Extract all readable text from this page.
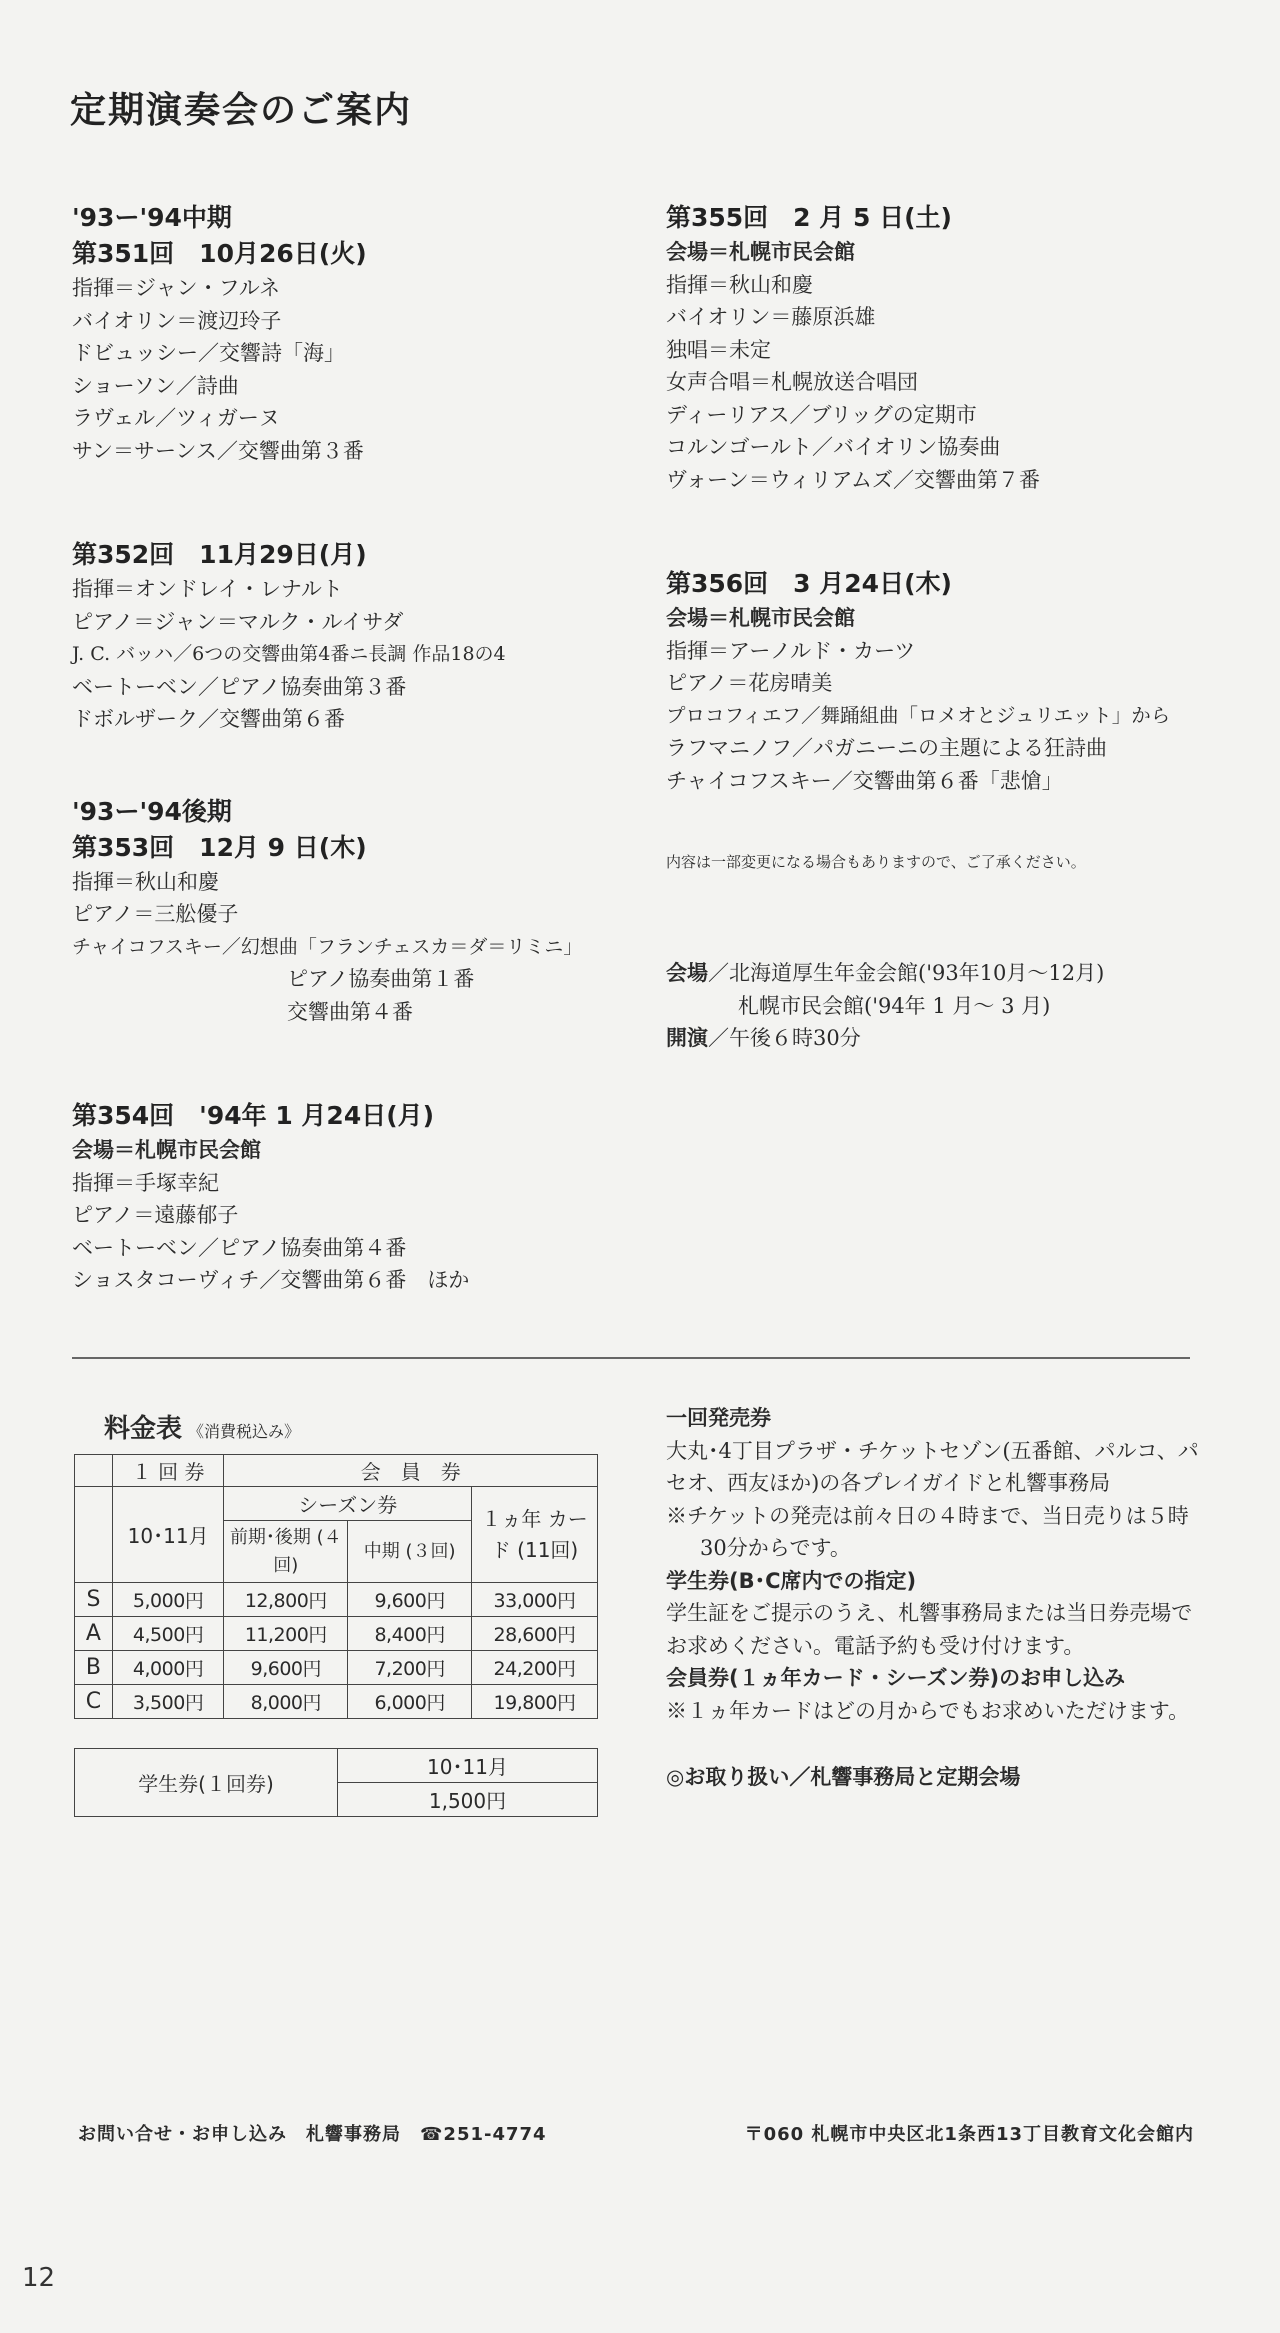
定期演奏会のご案内
'93ー'94中期
第351回　10月26日(火)
指揮＝ジャン・フルネ
バイオリン＝渡辺玲子
ドビュッシー／交響詩「海」
ショーソン／詩曲
ラヴェル／ツィガーヌ
サン＝サーンス／交響曲第３番
第352回　11月29日(月)
指揮＝オンドレイ・レナルト
ピアノ＝ジャン＝マルク・ルイサダ
J. C. バッハ／6つの交響曲第4番ニ長調 作品18の4
ベートーベン／ピアノ協奏曲第３番
ドボルザーク／交響曲第６番
'93ー'94後期
第353回　12月 9 日(木)
指揮＝秋山和慶
ピアノ＝三舩優子
チャイコフスキー／幻想曲「フランチェスカ＝ダ＝リミニ」
ピアノ協奏曲第１番
交響曲第４番
第354回　'94年 1 月24日(月)
会場＝札幌市民会館
指揮＝手塚幸紀
ピアノ＝遠藤郁子
ベートーベン／ピアノ協奏曲第４番
ショスタコーヴィチ／交響曲第６番　ほか
第355回　2 月 5 日(土)
会場＝札幌市民会館
指揮＝秋山和慶
バイオリン＝藤原浜雄
独唱＝未定
女声合唱＝札幌放送合唱団
ディーリアス／ブリッグの定期市
コルンゴールト／バイオリン協奏曲
ヴォーン＝ウィリアムズ／交響曲第７番
第356回　3 月24日(木)
会場＝札幌市民会館
指揮＝アーノルド・カーツ
ピアノ＝花房晴美
プロコフィエフ／舞踊組曲「ロメオとジュリエット」から
ラフマニノフ／パガニーニの主題による狂詩曲
チャイコフスキー／交響曲第６番「悲愴」
内容は一部変更になる場合もありますので、ご了承ください。
会場／北海道厚生年金会館('93年10月～12月)
札幌市民会館('94年 1 月～ 3 月)
開演／午後６時30分
料金表 《消費税込み》
	１ 回 券	会　員　券		
	10･11月	シーズン券		１ヵ年 カード (11回)
		前期･後期 (４回)	中期 (３回)	
S	5,000円	12,800円	9,600円	33,000円
A	4,500円	11,200円	8,400円	28,600円
B	4,000円	9,600円	7,200円	24,200円
C	3,500円	8,000円	6,000円	19,800円
学生券(１回券)	10･11月
1,500円
一回発売券
大丸･4丁目プラザ・チケットセゾン(五番館、パルコ、パセオ、西友ほか)の各プレイガイドと札響事務局
※チケットの発売は前々日の４時まで、当日売りは５時30分からです。
学生券(B･C席内での指定)
学生証をご提示のうえ、札響事務局または当日券売場でお求めください。電話予約も受け付けます。
会員券(１ヵ年カード・シーズン券)のお申し込み
※１ヵ年カードはどの月からでもお求めいただけます。
◎お取り扱い／札響事務局と定期会場
お問い合せ・お申し込み　札響事務局　☎251-4774	〒060 札幌市中央区北1条西13丁目教育文化会館内
12
